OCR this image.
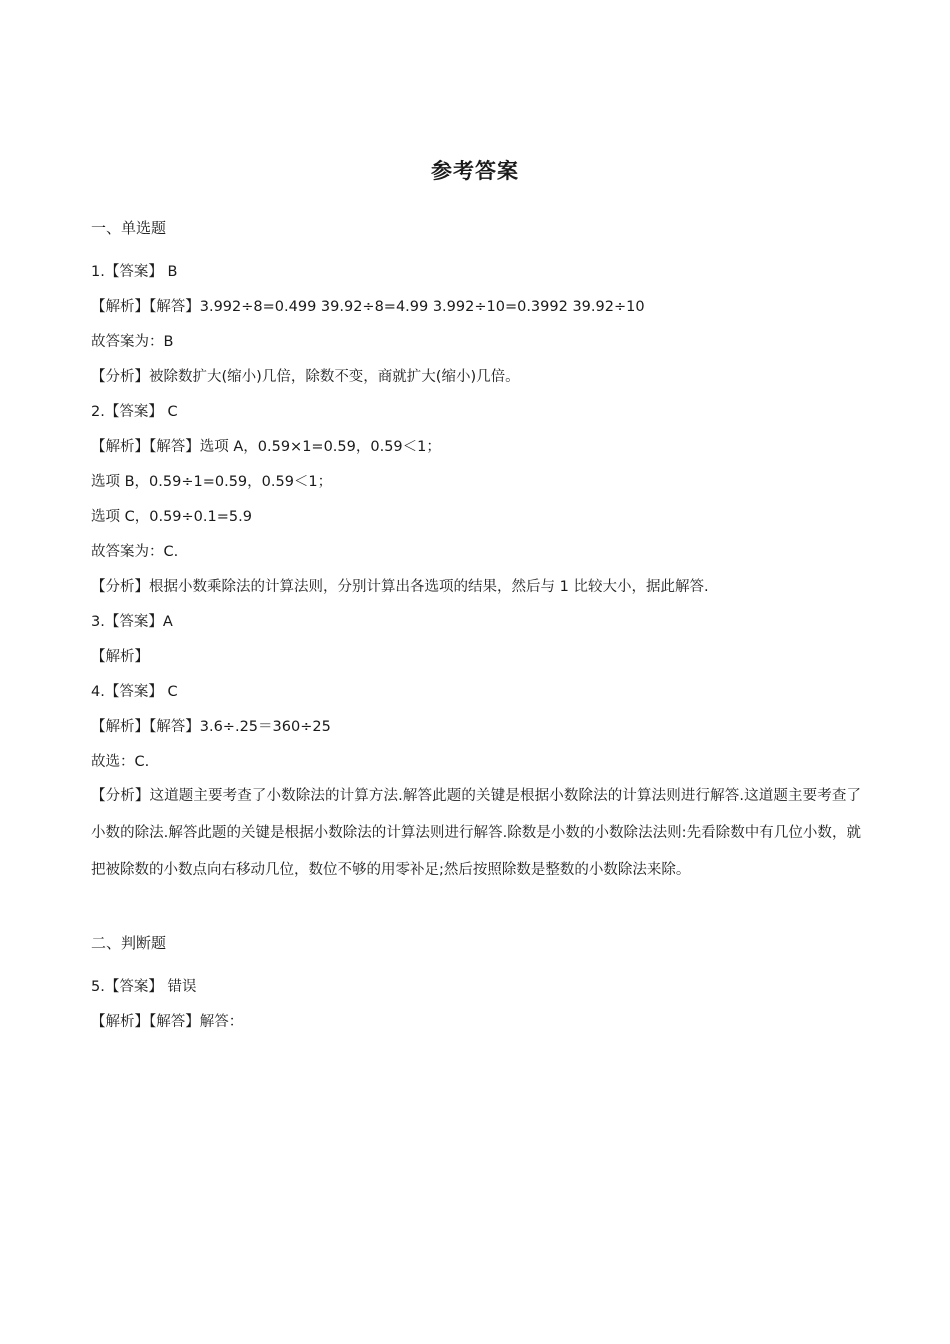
参考答案
一、单选题
1.【答案】 B
【解析】【解答】3.992÷8=0.499 39.92÷8=4.99 3.992÷10=0.3992 39.92÷10
故答案为：B
【分析】被除数扩大(缩小)几倍，除数不变，商就扩大(缩小)几倍。
2.【答案】 C
【解析】【解答】选项 A，0.59×1=0.59，0.59＜1；
选项 B，0.59÷1=0.59，0.59＜1；
选项 C，0.59÷0.1=5.9
故答案为：C.
【分析】根据小数乘除法的计算法则，分别计算出各选项的结果，然后与 1 比较大小，据此解答.
3.【答案】A
【解析】
4.【答案】 C
【解析】【解答】3.6÷.25＝360÷25
故选：C.
【分析】这道题主要考查了小数除法的计算方法.解答此题的关键是根据小数除法的计算法则进行解答.这道题主要考查了小数的除法.解答此题的关键是根据小数除法的计算法则进行解答.除数是小数的小数除法法则:先看除数中有几位小数，就把被除数的小数点向右移动几位，数位不够的用零补足;然后按照除数是整数的小数除法来除。
二、判断题
5.【答案】 错误
【解析】【解答】解答：
